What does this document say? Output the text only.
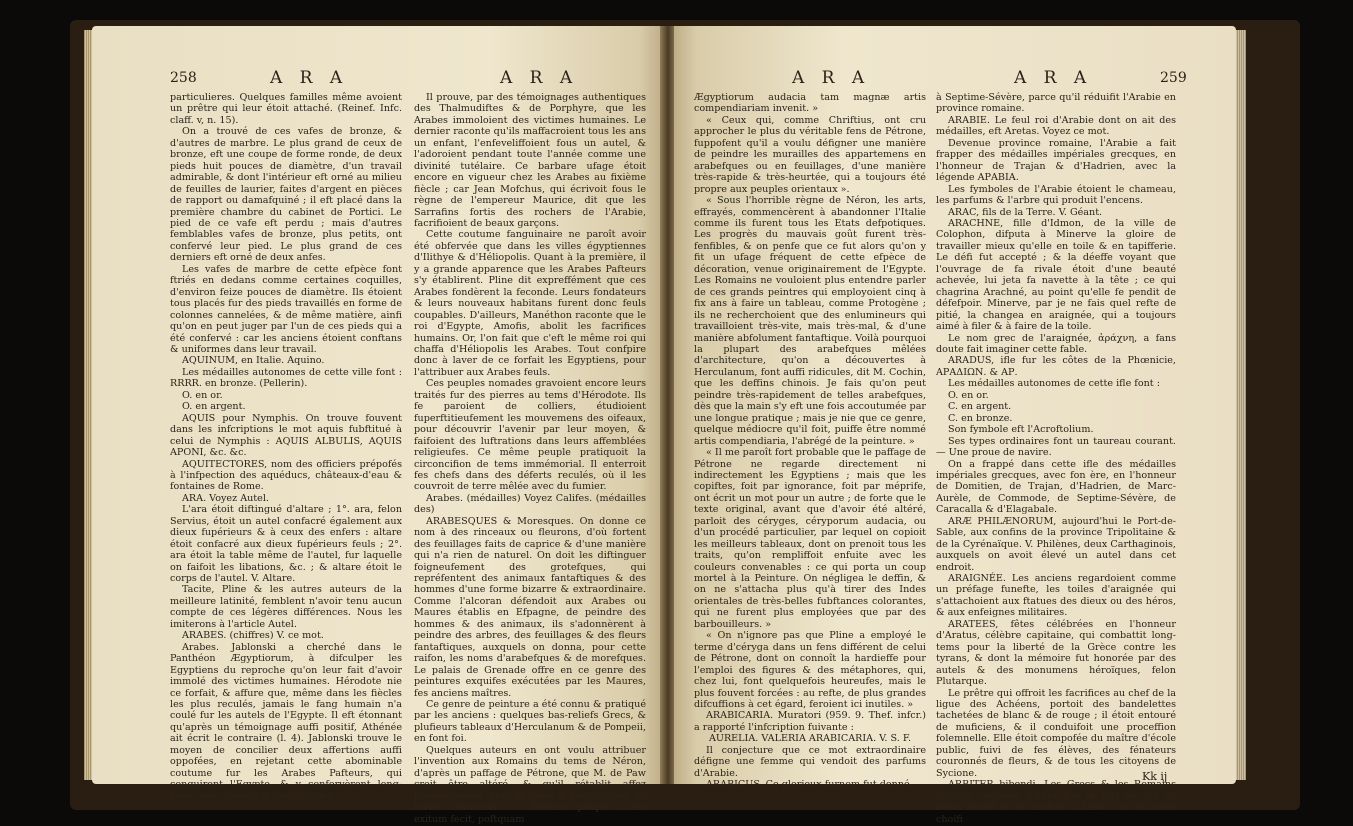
258	A R A	A R A

particulieres. Quelques familles même avoient un prêtre qui leur étoit attaché. (Reinef. Infc. claff. v, n. 15).

On a trouvé de ces vafes de bronze, & d'autres de marbre. Le plus grand de ceux de bronze, eft une coupe de forme ronde, de deux pieds huit pouces de diamètre, d'un travail admirable, & dont l'intérieur eft orné au milieu de feuilles de laurier, faites d'argent en pièces de rapport ou damafquiné ; il eft placé dans la première chambre du cabinet de Portici. Le pied de ce vafe eft perdu ; mais d'autres femblables vafes de bronze, plus petits, ont confervé leur pied. Le plus grand de ces derniers eft orné de deux anfes.

Les vafes de marbre de cette efpèce font ftriés en dedans comme certaines coquilles, d'environ feize pouces de diamètre. Ils étoient tous placés fur des pieds travaillés en forme de colonnes cannelées, & de même matière, ainfi qu'on en peut juger par l'un de ces pieds qui a été confervé : car les anciens étoient conftans & uniformes dans leur travail.

AQUINUM, en Italie. Aquino.

Les médailles autonomes de cette ville font : RRRR. en bronze. (Pellerin).

O. en or.

O. en argent.

AQUIS pour Nymphis. On trouve fouvent dans les infcriptions le mot aquis fubftitué à celui de Nymphis : AQUIS ALBULIS, AQUIS APONI, &c. &c.

AQUITECTORES, nom des officiers prépofés à l'infpection des aquéducs, châteaux-d'eau & fontaines de Rome.

ARA. Voyez Autel.

L'ara étoit diftingué d'altare ; 1°. ara, felon Servius, étoit un autel confacré également aux dieux fupérieurs & à ceux des enfers : altare étoit confacré aux dieux fupérieurs feuls ; 2°. ara étoit la table même de l'autel, fur laquelle on faifoit les libations, &c. ; & altare étoit le corps de l'autel. V. Altare.

Tacite, Pline & les autres auteurs de la meilleure latinité, femblent n'avoir tenu aucun compte de ces légères différences. Nous les imiterons à l'article Autel.

ARABES. (chiffres) V. ce mot.

Arabes. Jablonski a cherché dans le Panthéon Ægyptiorum, à difculper les Egyptiens du reproche qu'on leur fait d'avoir immolé des victimes humaines. Hérodote nie ce forfait, & affure que, même dans les fiècles les plus reculés, jamais le fang humain n'a coulé fur les autels de l'Egypte. Il eft étonnant qu'après un témoignage auffi positif, Athénée ait écrit le contraire (l. 4). Jablonski trouve le moyen de concilier deux affertions auffi oppofées, en rejetant cette abominable coutume fur les Arabes Pafteurs, qui conquirent l'Egypte, & y confervèrent long-tems leurs mœurs & leurs ufages.

Il prouve, par des témoignages authentiques des Thalmudiftes & de Porphyre, que les Arabes immoloient des victimes humaines. Le dernier raconte qu'ils maffacroient tous les ans un enfant, l'enfeveliffoient fous un autel, & l'adoroient pendant toute l'année comme une divinité tutélaire. Ce barbare ufage étoit encore en vigueur chez les Arabes au fixième fiècle ; car Jean Mofchus, qui écrivoit fous le règne de l'empereur Maurice, dit que les Sarrafins fortis des rochers de l'Arabie, facrifioient de beaux garçons.

Cette coutume fanguinaire ne paroît avoir été obfervée que dans les villes égyptiennes d'Ilithye & d'Héliopolis. Quant à la première, il y a grande apparence que les Arabes Pafteurs s'y établirent. Pline dit expreffément que ces Arabes fondèrent la feconde. Leurs fondateurs & leurs nouveaux habitans furent donc feuls coupables. D'ailleurs, Manéthon raconte que le roi d'Egypte, Amofis, abolit les facrifices humains. Or, l'on fait que c'eft le même roi qui chaffa d'Héliopolis les Arabes. Tout confpire donc à laver de ce forfait les Egyptiens, pour l'attribuer aux Arabes feuls.

Ces peuples nomades gravoient encore leurs traités fur des pierres au tems d'Hérodote. Ils fe paroient de colliers, étudioient fuperftitieufement les mouvemens des oifeaux, pour découvrir l'avenir par leur moyen, & faifoient des luftrations dans leurs affemblées religieufes. Ce même peuple pratiquoit la circoncifion de tems immémorial. Il enterroit fes chefs dans des déferts reculés, où il les couvroit de terre mêlée avec du fumier.

Arabes. (médailles) Voyez Califes. (médailles des)

ARABESQUES & Moresques. On donne ce nom à des rinceaux ou fleurons, d'où fortent des feuillages faits de caprice & d'une manière qui n'a rien de naturel. On doit les diftinguer foigneufement des grotefques, qui repréfentent des animaux fantaftiques & des hommes d'une forme bizarre & extraordinaire. Comme l'alcoran défendoit aux Arabes ou Maures établis en Efpagne, de peindre des hommes & des animaux, ils s'adonnèrent à peindre des arbres, des feuillages & des fleurs fantaftiques, auxquels on donna, pour cette raifon, les noms d'arabefques & de morefques. Le palais de Grenade offre en ce genre des peintures exquifes exécutées par les Maures, fes anciens maîtres.

Ce genre de peinture a été connu & pratiqué par les anciens : quelques bas-reliefs Grecs, & plufieurs tableaux d'Herculanum & de Pompeii, en font foi.

Quelques auteurs en ont voulu attribuer l'invention aux Romains du tems de Néron, d'après un paffage de Pétrone, que M. de Paw croit être altéré, & qu'il rétablit affez heureufement. Voici le texte & l'explication du favant allemand : « Pictura quoque alium exitum fecit, poftquam

A R A	A R A	259

Ægyptiorum audacia tam magnæ artis compendiariam invenit. »

« Ceux qui, comme Chriftius, ont cru approcher le plus du véritable fens de Pétrone, fuppofent qu'il a voulu défigner une manière de peindre les murailles des appartemens en arabefques ou en feuillages, d'une manière très-rapide & très-heurtée, qui a toujours été propre aux peuples orientaux ».

« Sous l'horrible règne de Néron, les arts, effrayés, commencèrent à abandonner l'Italie comme ils furent tous les Etats defpotiques. Les progrès du mauvais goût furent très-fenfibles, & on penfe que ce fut alors qu'on y fit un ufage fréquent de cette efpèce de décoration, venue originairement de l'Egypte. Les Romains ne vouloient plus entendre parler de ces grands peintres qui employoient cinq à fix ans à faire un tableau, comme Protogène ; ils ne recherchoient que des enlumineurs qui travailloient très-vite, mais très-mal, & d'une manière abfolument fantaftique. Voilà pourquoi la plupart des arabefques mêlées d'architecture, qu'on a découvertes à Herculanum, font auffi ridicules, dit M. Cochin, que les deffins chinois. Je fais qu'on peut peindre très-rapidement de telles arabefques, dès que la main s'y eft une fois accoutumée par une longue pratique ; mais je nie que ce genre, quelque médiocre qu'il foit, puiffe être nommé artis compendiaria, l'abrégé de la peinture. »

« Il me paroît fort probable que le paffage de Pétrone ne regarde directement ni indirectement les Egyptiens ; mais que les copiftes, foit par ignorance, foit par méprife, ont écrit un mot pour un autre ; de forte que le texte original, avant que d'avoir été altéré, parloit des céryges, céryporum audacia, ou d'un procédé particulier, par lequel on copioit les meilleurs tableaux, dont on prenoit tous les traits, qu'on rempliffoit enfuite avec les couleurs convenables : ce qui porta un coup mortel à la Peinture. On négligea le deffin, & on ne s'attacha plus qu'à tirer des Indes orientales de très-belles fubftances colorantes, qui ne furent plus employées que par des barbouilleurs. »

« On n'ignore pas que Pline a employé le terme d'céryga dans un fens différent de celui de Pétrone, dont on connoît la hardieffe pour l'emploi des figures & des métaphores, qui, chez lui, font quelquefois heureufes, mais le plus fouvent forcées : au refte, de plus grandes difcuffions à cet égard, feroient ici inutiles. »

ARABICARIA. Muratori (959. 9. Thef. infcr.) a rapporté l'infcription fuivante :

AURELIA. VALERIA ARABICARIA. V. S. F.

Il conjecture que ce mot extraordinaire défigne une femme qui vendoit des parfums d'Arabie.

ARABICUS. Ce glorieux furnom fut donné

à Septime-Sévère, parce qu'il réduifit l'Arabie en province romaine.

ARABIE. Le feul roi d'Arabie dont on ait des médailles, eft Aretas. Voyez ce mot.

Devenue province romaine, l'Arabie a fait frapper des médailles impériales grecques, en l'honneur de Trajan & d'Hadrien, avec la légende ΑΡΑΒΙΑ.

Les fymboles de l'Arabie étoient le chameau, les parfums & l'arbre qui produit l'encens.

ARAC, fils de la Terre. V. Géant.

ARACHNE, fille d'Idmon, de la ville de Colophon, difputa à Minerve la gloire de travailler mieux qu'elle en toile & en tapifferie. Le défi fut accepté ; & la déeffe voyant que l'ouvrage de fa rivale étoit d'une beauté achevée, lui jeta fa navette à la tête ; ce qui chagrina Arachné, au point qu'elle fe pendit de défefpoir. Minerve, par je ne fais quel refte de pitié, la changea en araignée, qui a toujours aimé à filer & à faire de la toile.

Le nom grec de l'araignée, ἀράχνη, a fans doute fait imaginer cette fable.

ARADUS, ifle fur les côtes de la Phœnicie, ΑΡΑΔΙΩΝ. & ΑΡ.

Les médailles autonomes de cette ifle font :

O. en or.

C. en argent.

C. en bronze.

Son fymbole eft l'Acroftolium.

Ses types ordinaires font un taureau courant. — Une proue de navire.

On a frappé dans cette ifle des médailles impériales grecques, avec fon ère, en l'honneur de Domitien, de Trajan, d'Hadrien, de Marc-Aurèle, de Commode, de Septime-Sévère, de Caracalla & d'Elagabale.

ARÆ PHILÆNORUM, aujourd'hui le Port-de-Sable, aux confins de la province Tripolitaine & de la Cyrénaïque. V. Philènes, deux Carthaginois, auxquels on avoit élevé un autel dans cet endroit.

ARAIGNÉE. Les anciens regardoient comme un préfage funefte, les toiles d'araignée qui s'attachoient aux ftatues des dieux ou des héros, & aux enfeignes militaires.

ARATEES, fêtes célébrées en l'honneur d'Aratus, célèbre capitaine, qui combattit long-tems pour la liberté de la Grèce contre les tyrans, & dont la mémoire fut honorée par des autels & des monumens héroïques, felon Plutarque.

Le prêtre qui offroit les facrifices au chef de la ligue des Achéens, portoit des bandelettes tachetées de blanc & de rouge ; il étoit entouré de muficiens, & il conduifoit une proceffion folemnelle. Elle étoit compofée du maître d'école public, fuivi de fes élèves, des fénateurs couronnés de fleurs, & de tous les citoyens de Sycione.

ARBITER bibendi. Les Grecs & les Romains avoient coutume d'élire par le fort un roi du feftin avant de fe mettre à table. Ce roi étoit choifi

Kk ij
